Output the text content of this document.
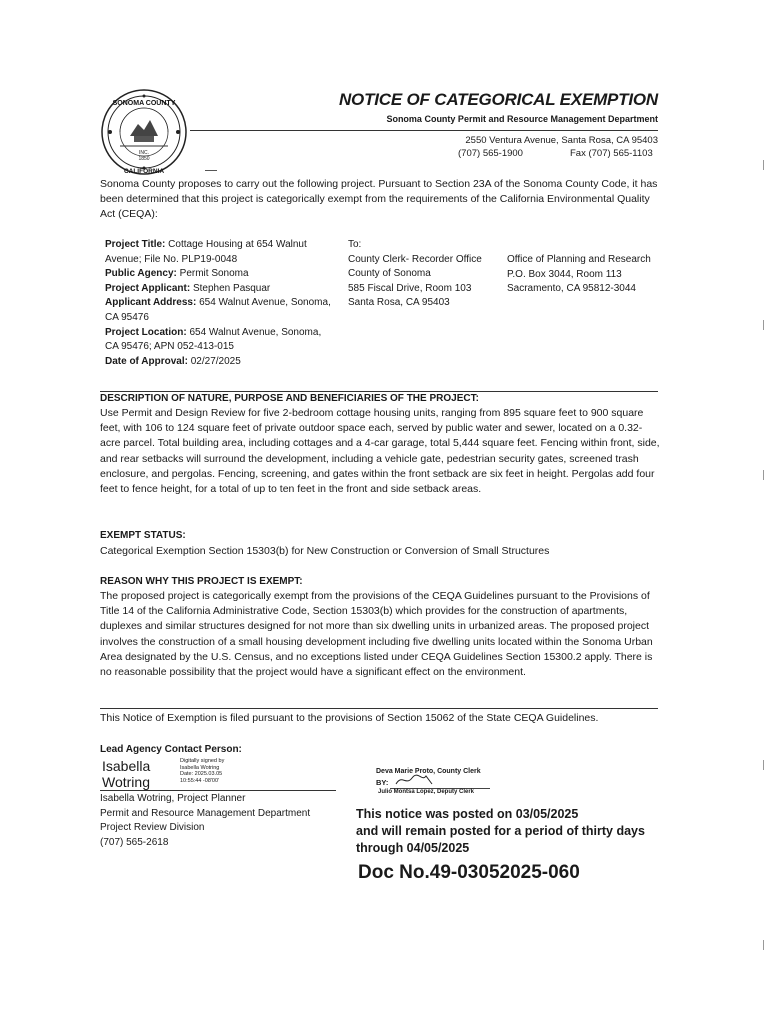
INC.
1850
SONOMA COUNTY
CALIFORNIA
NOTICE OF CATEGORICAL EXEMPTION
Sonoma County Permit and Resource Management Department
2550 Ventura Avenue, Santa Rosa, CA 95403
(707) 565-1900	Fax (707) 565-1103
Sonoma County proposes to carry out the following project. Pursuant to Section 23A of the Sonoma County Code, it has been determined that this project is categorically exempt from the requirements of the California Environmental Quality Act (CEQA):
Project Title: Cottage Housing at 654 Walnut Avenue; File No. PLP19-0048
Public Agency: Permit Sonoma
Project Applicant: Stephen Pasquar
Applicant Address: 654 Walnut Avenue, Sonoma, CA 95476
Project Location: 654 Walnut Avenue, Sonoma, CA 95476; APN 052-413-015
Date of Approval: 02/27/2025
To:
County Clerk- Recorder Office
County of Sonoma
585 Fiscal Drive, Room 103
Santa Rosa, CA 95403
Office of Planning and Research
P.O. Box 3044, Room 113
Sacramento, CA 95812-3044
DESCRIPTION OF NATURE, PURPOSE AND BENEFICIARIES OF THE PROJECT:
Use Permit and Design Review for five 2-bedroom cottage housing units, ranging from 895 square feet to 900 square feet, with 106 to 124 square feet of private outdoor space each, served by public water and sewer, located on a 0.32-acre parcel. Total building area, including cottages and a 4-car garage, total 5,444 square feet. Fencing within front, side, and rear setbacks will surround the development, including a vehicle gate, pedestrian security gates, screened trash enclosure, and pergolas. Fencing, screening, and gates within the front setback are six feet in height. Pergolas add four feet to fence height, for a total of up to ten feet in the front and side setback areas.
EXEMPT STATUS:
Categorical Exemption Section 15303(b) for New Construction or Conversion of Small Structures
REASON WHY THIS PROJECT IS EXEMPT:
The proposed project is categorically exempt from the provisions of the CEQA Guidelines pursuant to the Provisions of Title 14 of the California Administrative Code, Section 15303(b) which provides for the construction of apartments, duplexes and similar structures designed for not more than six dwelling units in urbanized areas. The proposed project involves the construction of a small housing development including five dwelling units located within the Sonoma Urban Area designated by the U.S. Census, and no exceptions listed under CEQA Guidelines Section 15300.2 apply. There is no reasonable possibility that the project would have a significant effect on the environment.
This Notice of Exemption is filed pursuant to the provisions of Section 15062 of the State CEQA Guidelines.
Lead Agency Contact Person:
Isabella Wotring
Digitally signed by
Isabella Wotring
Date: 2025.03.05
10:55:44 -08'00'
Isabella Wotring, Project Planner
Permit and Resource Management Department
Project Review Division
(707) 565-2618
Deva Marie Proto, County Clerk
BY:
Julio Montsa Lopez, Deputy Clerk
This notice was posted on 03/05/2025
and will remain posted for a period of thirty days
through 04/05/2025
Doc No.49-03052025-060
